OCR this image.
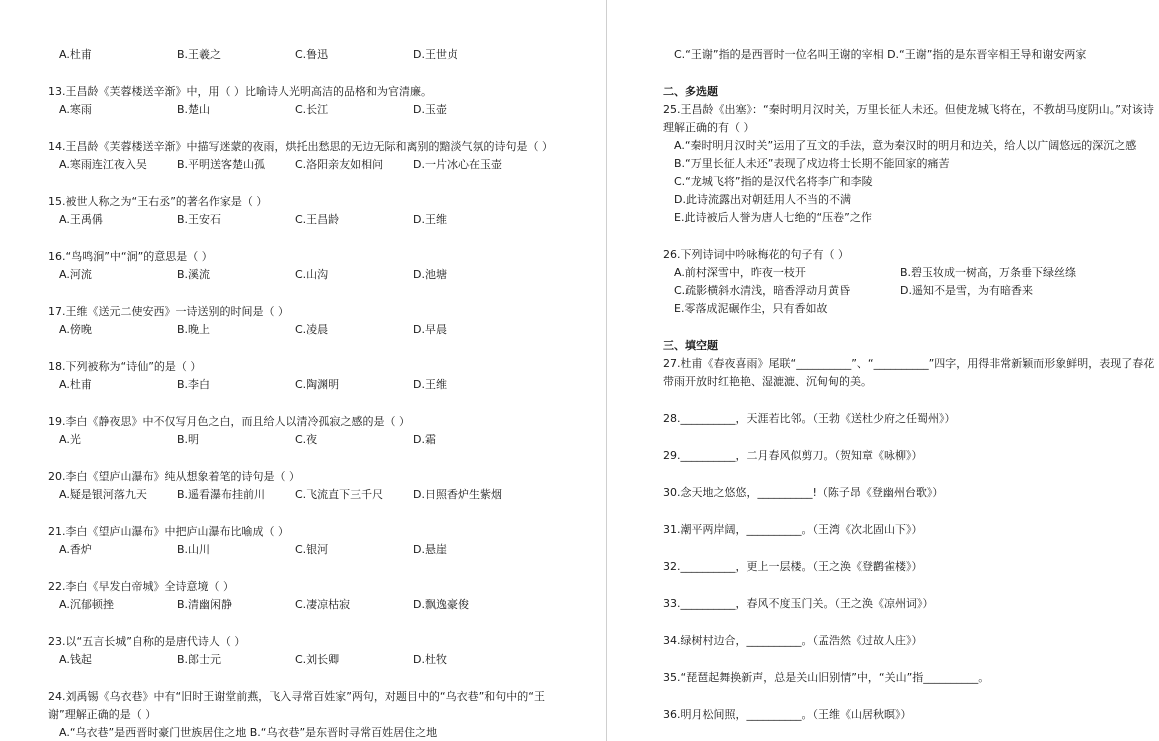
A.杜甫	B.王羲之	C.鲁迅	D.王世贞
13.王昌龄《芙蓉楼送辛渐》中，用（ ）比喻诗人光明高洁的品格和为官清廉。
A.寒雨	B.楚山	C.长江	D.玉壶
14.王昌龄《芙蓉楼送辛渐》中描写迷蒙的夜雨，烘托出愁思的无边无际和离别的黯淡气氛的诗句是（ ）
A.寒雨连江夜入吴	B.平明送客楚山孤	C.洛阳亲友如相问	D.一片冰心在玉壶
15.被世人称之为“王右丞”的著名作家是（ ）
A.王禹偁	B.王安石	C.王昌龄	D.王维
16.“鸟鸣涧”中“涧”的意思是（ ）
A.河流	B.溪流	C.山沟	D.池塘
17.王维《送元二使安西》一诗送别的时间是（ ）
A.傍晚	B.晚上	C.凌晨	D.早晨
18.下列被称为“诗仙”的是（ ）
A.杜甫	B.李白	C.陶渊明	D.王维
19.李白《静夜思》中不仅写月色之白，而且给人以清冷孤寂之感的是（ ）
A.光	B.明	C.夜	D.霜
20.李白《望庐山瀑布》纯从想象着笔的诗句是（ ）
A.疑是银河落九天	B.遥看瀑布挂前川	C.飞流直下三千尺	D.日照香炉生紫烟
21.李白《望庐山瀑布》中把庐山瀑布比喻成（ ）
A.香炉	B.山川	C.银河	D.悬崖
22.李白《早发白帝城》全诗意境（ ）
A.沉郁顿挫	B.清幽闲静	C.凄凉枯寂	D.飘逸豪俊
23.以“五言长城”自称的是唐代诗人（ ）
A.钱起	B.郎士元	C.刘长卿	D.杜牧
24.刘禹锡《乌衣巷》中有“旧时王谢堂前燕，飞入寻常百姓家”两句，对题目中的“乌衣巷”和句中的“王
谢”理解正确的是（ ）
A.“乌衣巷”是西晋时豪门世族居住之地 B.“乌衣巷”是东晋时寻常百姓居住之地
C.“王谢”指的是西晋时一位名叫王谢的宰相 D.“王谢”指的是东晋宰相王导和谢安两家
二、多选题
25.王昌龄《出塞》：“秦时明月汉时关，万里长征人未还。但使龙城飞将在，不教胡马度阴山。”对该诗
理解正确的有（ ）
A.“秦时明月汉时关”运用了互文的手法，意为秦汉时的明月和边关，给人以广阔悠远的深沉之感
B.“万里长征人未还”表现了戍边将士长期不能回家的痛苦
C.“龙城飞将”指的是汉代名将李广和李陵
D.此诗流露出对朝廷用人不当的不满
E.此诗被后人誉为唐人七绝的“压卷”之作
26.下列诗词中吟咏梅花的句子有（ ）
A.前村深雪中，昨夜一枝开	B.碧玉妆成一树高，万条垂下绿丝绦
C.疏影横斜水清浅，暗香浮动月黄昏	D.遥知不是雪，为有暗香来
E.零落成泥碾作尘，只有香如故
三、填空题
27.杜甫《春夜喜雨》尾联“__________”、“__________”四字，用得非常新颖而形象鲜明，表现了春花
带雨开放时红艳艳、湿漉漉、沉甸甸的美。
28.__________，天涯若比邻。（王勃《送杜少府之任蜀州》）
29.__________，二月春风似剪刀。（贺知章《咏柳》）
30.念天地之悠悠，__________!（陈子昂《登幽州台歌》）
31.潮平两岸阔，__________。（王湾《次北固山下》）
32.__________，更上一层楼。（王之涣《登鹳雀楼》）
33.__________，春风不度玉门关。（王之涣《凉州词》）
34.绿树村边合，__________。（孟浩然《过故人庄》）
35.“琵琶起舞换新声，总是关山旧别情”中，“关山”指__________。
36.明月松间照，__________。（王维《山居秋暝》）
